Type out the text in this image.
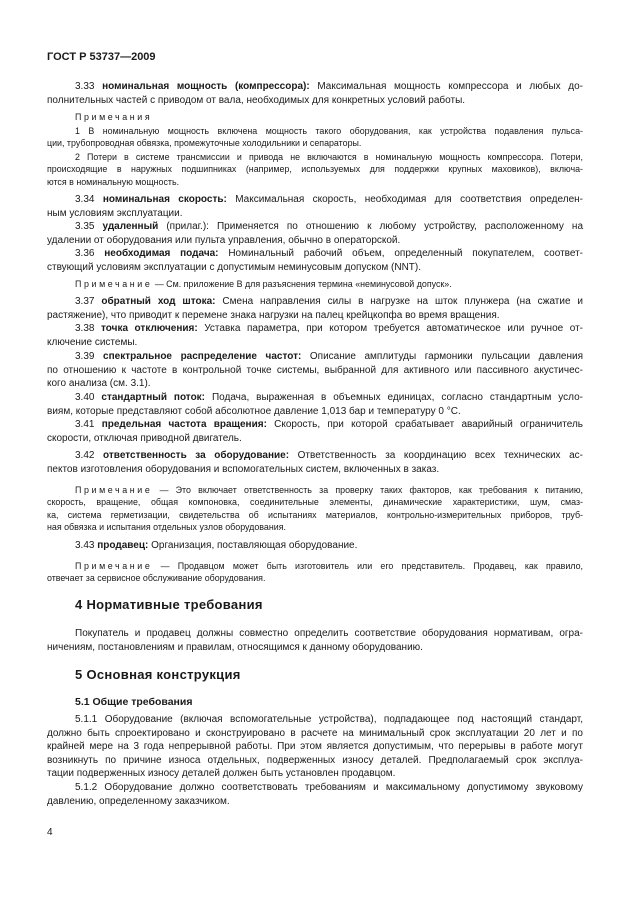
ГОСТ Р 53737—2009
3.33 номинальная мощность (компрессора): Максимальная мощность компрессора и любых до-
полнительных частей с приводом от вала, необходимых для конкретных условий работы.
Примечания
1 В номинальную мощность включена мощность такого оборудования, как устройства подавления пульса-
ции, трубопроводная обвязка, промежуточные холодильники и сепараторы.
2 Потери в системе трансмиссии и привода не включаются в номинальную мощность компрессора. Потери,
происходящие в наружных подшипниках (например, используемых для поддержки крупных маховиков), включа-
ются в номинальную мощность.
3.34 номинальная скорость: Максимальная скорость, необходимая для соответствия определен-
ным условиям эксплуатации.
3.35 удаленный (прилаг.): Применяется по отношению к любому устройству, расположенному на
удалении от оборудования или пульта управления, обычно в операторской.
3.36 необходимая подача: Номинальный рабочий объем, определенный покупателем, соответ-
ствующий условиям эксплуатации с допустимым неминусовым допуском (NNT).
Примечание — См. приложение В для разъяснения термина «неминусовой допуск».
3.37 обратный ход штока: Смена направления силы в нагрузке на шток плунжера (на сжатие и
растяжение), что приводит к перемене знака нагрузки на палец крейцкопфа во время вращения.
3.38 точка отключения: Уставка параметра, при котором требуется автоматическое или ручное от-
ключение системы.
3.39 спектральное распределение частот: Описание амплитуды гармоники пульсации давления
по отношению к частоте в контрольной точке системы, выбранной для активного или пассивного акустичес-
кого анализа (см. 3.1).
3.40 стандартный поток: Подача, выраженная в объемных единицах, согласно стандартным усло-
виям, которые представляют собой абсолютное давление 1,013 бар и температуру 0 °С.
3.41 предельная частота вращения: Скорость, при которой срабатывает аварийный ограничитель
скорости, отключая приводной двигатель.
3.42 ответственность за оборудование: Ответственность за координацию всех технических ас-
пектов изготовления оборудования и вспомогательных систем, включенных в заказ.
Примечание — Это включает ответственность за проверку таких факторов, как требования к питанию,
скорость, вращение, общая компоновка, соединительные элементы, динамические характеристики, шум, смаз-
ка, система герметизации, свидетельства об испытаниях материалов, контрольно-измерительных приборов, труб-
ная обвязка и испытания отдельных узлов оборудования.
3.43 продавец: Организация, поставляющая оборудование.
Примечание — Продавцом может быть изготовитель или его представитель. Продавец, как правило,
отвечает за сервисное обслуживание оборудования.
4 Нормативные требования
Покупатель и продавец должны совместно определить соответствие оборудования нормативам, огра-
ничениям, постановлениям и правилам, относящимся к данному оборудованию.
5 Основная конструкция
5.1 Общие требования
5.1.1 Оборудование (включая вспомогательные устройства), подпадающее под настоящий стандарт,
должно быть спроектировано и сконструировано в расчете на минимальный срок эксплуатации 20 лет и по
крайней мере на 3 года непрерывной работы. При этом является допустимым, что перерывы в работе могут
возникнуть по причине износа отдельных, подверженных износу деталей. Предполагаемый срок эксплуа-
тации подверженных износу деталей должен быть установлен продавцом.
5.1.2 Оборудование должно соответствовать требованиям и максимальному допустимому звуковому
давлению, определенному заказчиком.
4
